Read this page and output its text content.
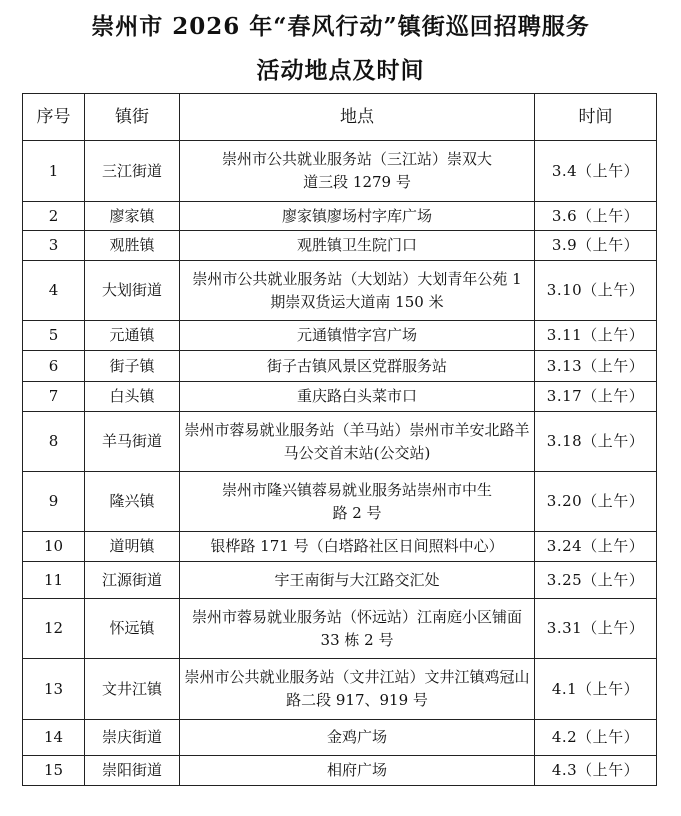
崇州市 2026 年“春风行动”镇街巡回招聘服务
活动地点及时间
序号	镇街	地点	时间
1	三江街道	崇州市公共就业服务站（三江站）崇双大道三段 1279 号	3.4（上午）
2	廖家镇	廖家镇廖场村字库广场	3.6（上午）
3	观胜镇	观胜镇卫生院门口	3.9（上午）
4	大划街道	崇州市公共就业服务站（大划站）大划青年公苑 1 期崇双货运大道南 150 米	3.10（上午）
5	元通镇	元通镇惜字宫广场	3.11（上午）
6	街子镇	街子古镇风景区党群服务站	3.13（上午）
7	白头镇	重庆路白头菜市口	3.17（上午）
8	羊马街道	崇州市蓉易就业服务站（羊马站）崇州市羊安北路羊马公交首末站(公交站)	3.18（上午）
9	隆兴镇	崇州市隆兴镇蓉易就业服务站崇州市中生路 2 号	3.20（上午）
10	道明镇	银桦路 171 号（白塔路社区日间照料中心）	3.24（上午）
11	江源街道	宇王南街与大江路交汇处	3.25（上午）
12	怀远镇	崇州市蓉易就业服务站（怀远站）江南庭小区铺面 33 栋 2 号	3.31（上午）
13	文井江镇	崇州市公共就业服务站（文井江站）文井江镇鸡冠山路二段 917、919 号	4.1（上午）
14	崇庆街道	金鸡广场	4.2（上午）
15	崇阳街道	相府广场	4.3（上午）
